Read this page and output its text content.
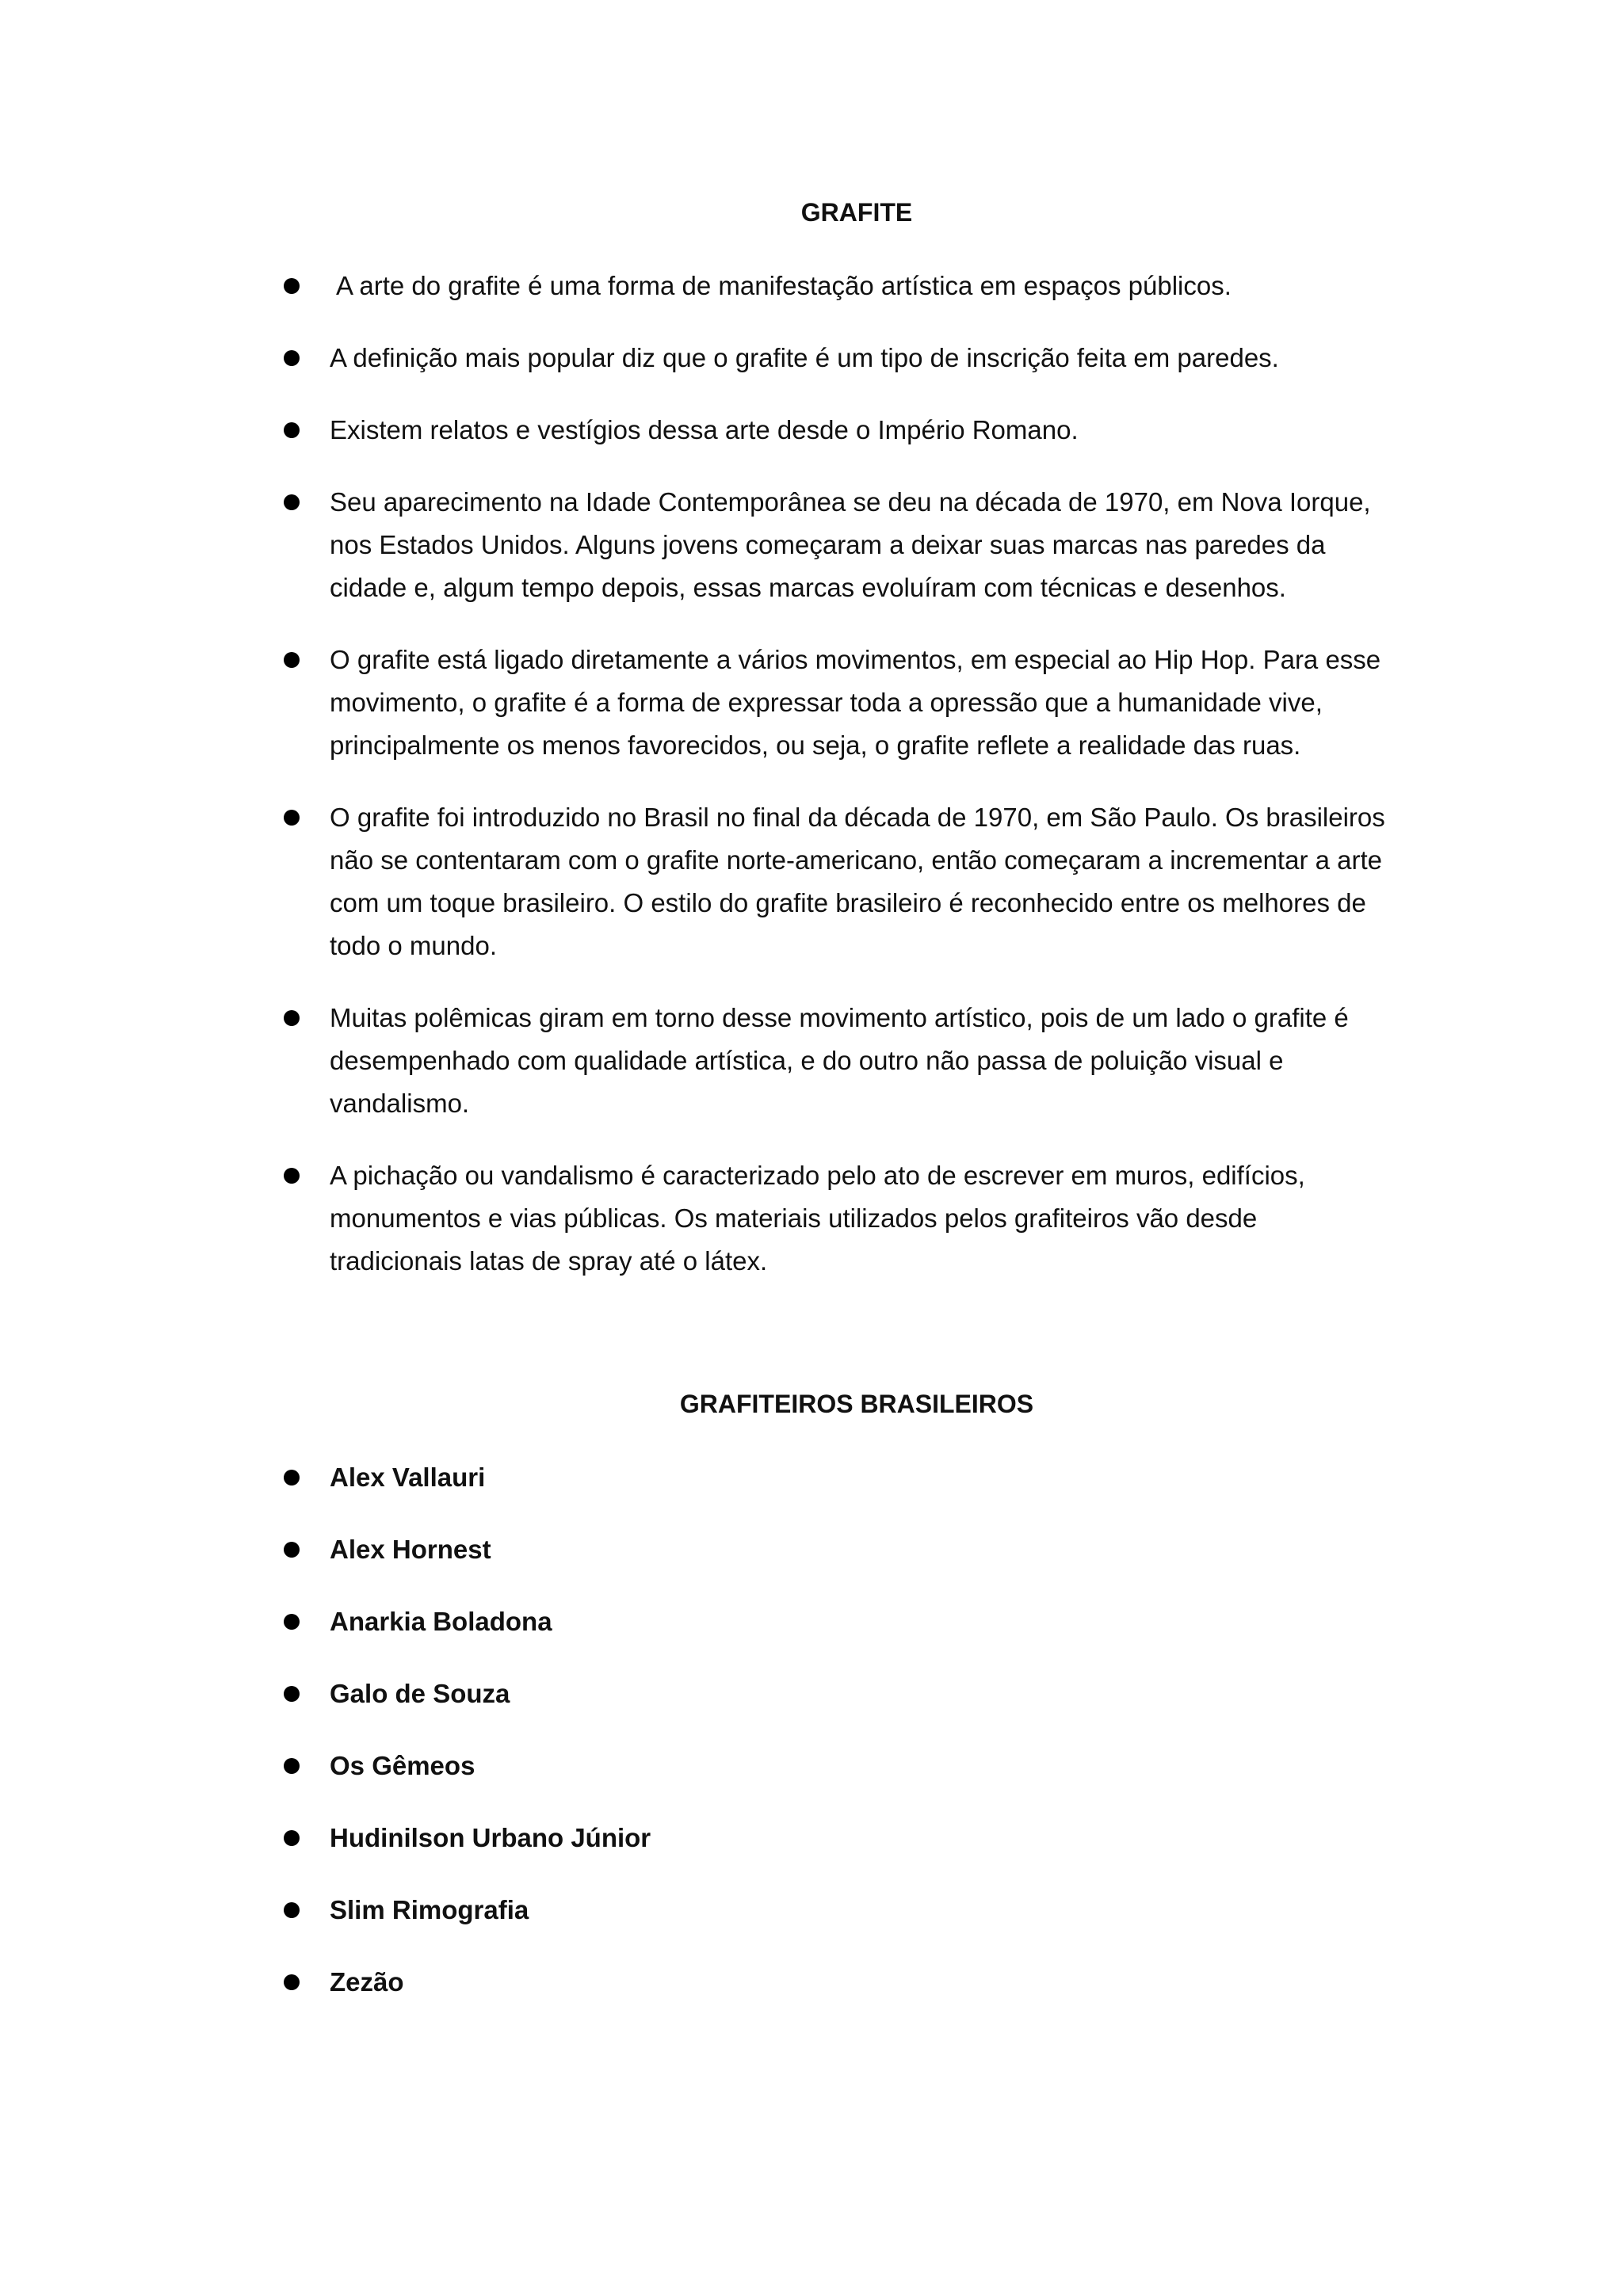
GRAFITE
A arte do grafite é uma forma de manifestação artística em espaços públicos.
A definição mais popular diz que o grafite é um tipo de inscrição feita em paredes.
Existem relatos e vestígios dessa arte desde o Império Romano.
Seu aparecimento na Idade Contemporânea se deu na década de 1970, em Nova Iorque, nos Estados Unidos. Alguns jovens começaram a deixar suas marcas nas paredes da cidade e, algum tempo depois, essas marcas evoluíram com técnicas e desenhos.
O grafite está ligado diretamente a vários movimentos, em especial ao Hip Hop. Para esse movimento, o grafite é a forma de expressar toda a opressão que a humanidade vive, principalmente os menos favorecidos, ou seja, o grafite reflete a realidade das ruas.
O grafite foi introduzido no Brasil no final da década de 1970, em São Paulo. Os brasileiros não se contentaram com o grafite norte-americano, então começaram a incrementar a arte com um toque brasileiro. O estilo do grafite brasileiro é reconhecido entre os melhores de todo o mundo.
Muitas polêmicas giram em torno desse movimento artístico, pois de um lado o grafite é desempenhado com qualidade artística, e do outro não passa de poluição visual e vandalismo.
A pichação ou vandalismo é caracterizado pelo ato de escrever em muros, edifícios, monumentos e vias públicas. Os materiais utilizados pelos grafiteiros vão desde tradicionais latas de spray até o látex.
GRAFITEIROS BRASILEIROS
Alex Vallauri
Alex Hornest
Anarkia Boladona
Galo de Souza
Os Gêmeos
Hudinilson Urbano Júnior
Slim Rimografia
Zezão
